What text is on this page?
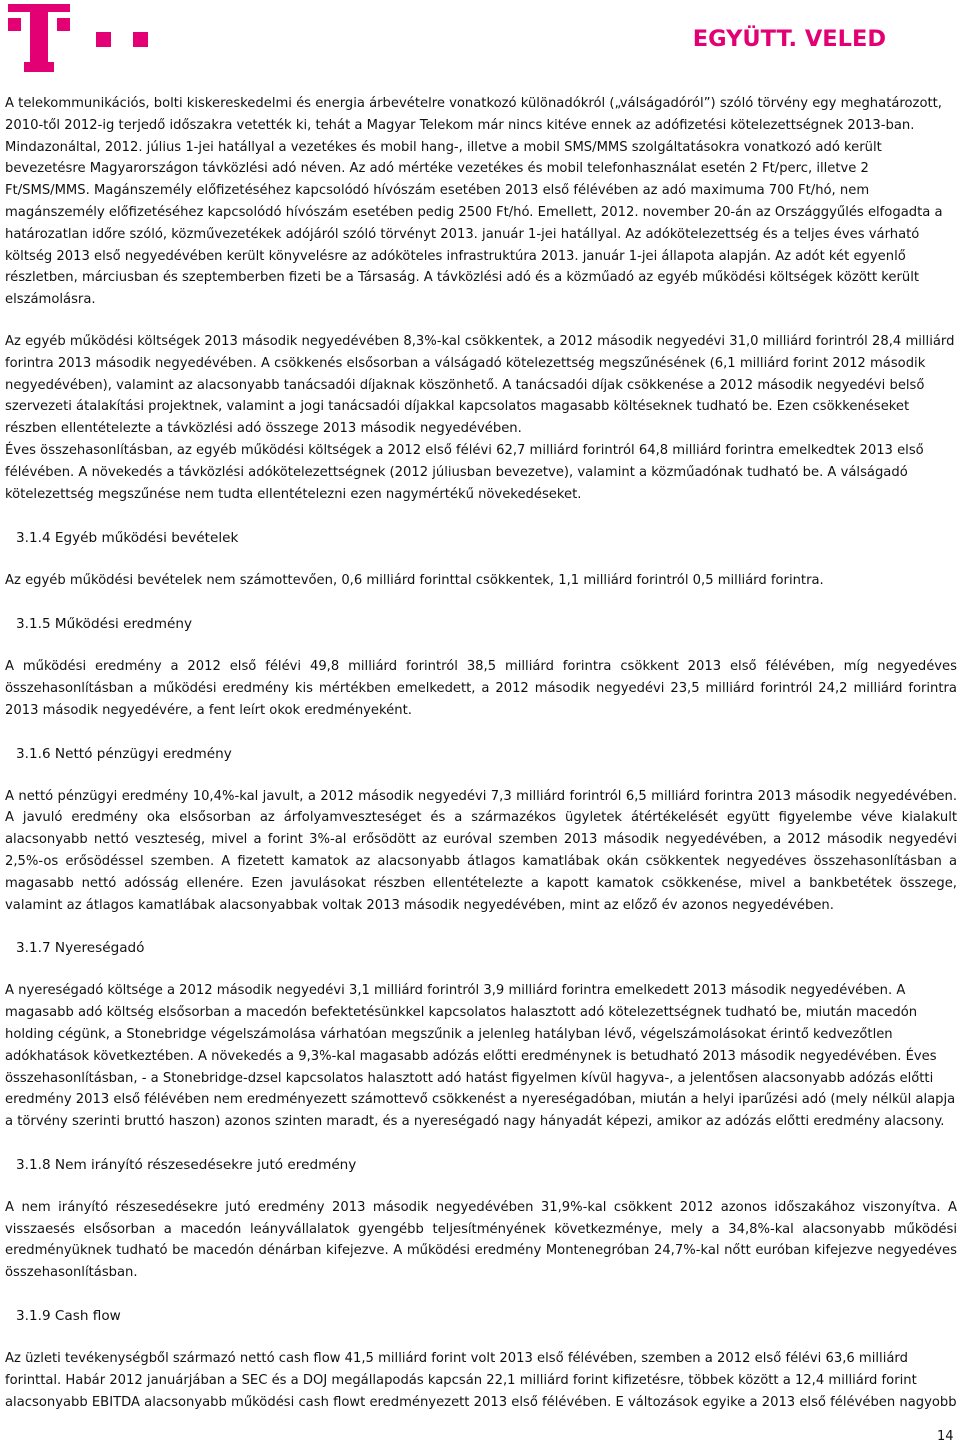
EGYÜTT. VELED

A telekommunikációs, bolti kiskereskedelmi és energia árbevételre vonatkozó különadókról („válságadóról”) szóló törvény egy meghatározott, 2010-től 2012-ig terjedő időszakra vetették ki, tehát a Magyar Telekom már nincs kitéve ennek az adófizetési kötelezettségnek 2013-ban. Mindazonáltal, 2012. július 1-jei hatállyal a vezetékes és mobil hang-, illetve a mobil SMS/MMS szolgáltatásokra vonatkozó adó került bevezetésre Magyarországon távközlési adó néven. Az adó mértéke vezetékes és mobil telefonhasználat esetén 2 Ft/perc, illetve 2 Ft/SMS/MMS. Magánszemély előfizetéséhez kapcsolódó hívószám esetében 2013 első félévében az adó maximuma 700 Ft/hó, nem magánszemély előfizetéséhez kapcsolódó hívószám esetében pedig 2500 Ft/hó. Emellett, 2012. november 20-án az Országgyűlés elfogadta a határozatlan időre szóló, közművezetékek adójáról szóló törvényt 2013. január 1-jei hatállyal. Az adókötelezettség és a teljes éves várható költség 2013 első negyedévében került könyvelésre az adóköteles infrastruktúra 2013. január 1-jei állapota alapján. Az adót két egyenlő részletben, márciusban és szeptemberben fizeti be a Társaság. A távközlési adó és a közműadó az egyéb működési költségek között került elszámolásra.

Az egyéb működési költségek 2013 második negyedévében 8,3%-kal csökkentek, a 2012 második negyedévi 31,0 milliárd forintról 28,4 milliárd forintra 2013 második negyedévében. A csökkenés elsősorban a válságadó kötelezettség megszűnésének (6,1 milliárd forint 2012 második negyedévében), valamint az alacsonyabb tanácsadói díjaknak köszönhető. A tanácsadói díjak csökkenése a 2012 második negyedévi belső szervezeti átalakítási projektnek, valamint a jogi tanácsadói díjakkal kapcsolatos magasabb költéseknek tudható be. Ezen csökkenéseket részben ellentételezte a távközlési adó összege 2013 második negyedévében.

Éves összehasonlításban, az egyéb működési költségek a 2012 első félévi 62,7 milliárd forintról 64,8 milliárd forintra emelkedtek 2013 első félévében. A növekedés a távközlési adókötelezettségnek (2012 júliusban bevezetve), valamint a közműadónak tudható be. A válságadó kötelezettség megszűnése nem tudta ellentételezni ezen nagymértékű növekedéseket.

3.1.4 Egyéb működési bevételek

Az egyéb működési bevételek nem számottevően, 0,6 milliárd forinttal csökkentek, 1,1 milliárd forintról 0,5 milliárd forintra.

3.1.5 Működési eredmény

A működési eredmény a 2012 első félévi 49,8 milliárd forintról 38,5 milliárd forintra csökkent 2013 első félévében, míg negyedéves összehasonlításban a működési eredmény kis mértékben emelkedett, a 2012 második negyedévi 23,5 milliárd forintról 24,2 milliárd forintra 2013 második negyedévére, a fent leírt okok eredményeként.

3.1.6 Nettó pénzügyi eredmény

A nettó pénzügyi eredmény 10,4%-kal javult, a 2012 második negyedévi 7,3 milliárd forintról 6,5 milliárd forintra 2013 második negyedévében. A javuló eredmény oka elsősorban az árfolyamveszteséget és a származékos ügyletek átértékelését együtt figyelembe véve kialakult alacsonyabb nettó veszteség, mivel a forint 3%-al erősödött az euróval szemben 2013 második negyedévében, a 2012 második negyedévi 2,5%-os erősödéssel szemben. A fizetett kamatok az alacsonyabb átlagos kamatlábak okán csökkentek negyedéves összehasonlításban a magasabb nettó adósság ellenére. Ezen javulásokat részben ellentételezte a kapott kamatok csökkenése, mivel a bankbetétek összege, valamint az átlagos kamatlábak alacsonyabbak voltak 2013 második negyedévében, mint az előző év azonos negyedévében.

3.1.7 Nyereségadó

A nyereségadó költsége a 2012 második negyedévi 3,1 milliárd forintról 3,9 milliárd forintra emelkedett 2013 második negyedévében. A magasabb adó költség elsősorban a macedón befektetésünkkel kapcsolatos halasztott adó kötelezettségnek tudható be, miután macedón holding cégünk, a Stonebridge végelszámolása várhatóan megszűnik a jelenleg hatályban lévő, végelszámolásokat érintő kedvezőtlen adókhatások következtében. A növekedés a 9,3%-kal magasabb adózás előtti eredménynek is betudható 2013 második negyedévében. Éves összehasonlításban, - a Stonebridge-dzsel kapcsolatos halasztott adó hatást figyelmen kívül hagyva-, a jelentősen alacsonyabb adózás előtti eredmény 2013 első félévében nem eredményezett számottevő csökkenést a nyereségadóban, miután a helyi iparűzési adó (mely nélkül alapja a törvény szerinti bruttó haszon) azonos szinten maradt, és a nyereségadó nagy hányadát képezi, amikor az adózás előtti eredmény alacsony.

3.1.8 Nem irányító részesedésekre jutó eredmény

A nem irányító részesedésekre jutó eredmény 2013 második negyedévében 31,9%-kal csökkent 2012 azonos időszakához viszonyítva. A visszaesés elsősorban a macedón leányvállalatok gyengébb teljesítményének következménye, mely a 34,8%-kal alacsonyabb működési eredményüknek tudható be macedón dénárban kifejezve. A működési eredmény Montenegróban 24,7%-kal nőtt euróban kifejezve negyedéves összehasonlításban.

3.1.9 Cash flow

Az üzleti tevékenységből származó nettó cash flow 41,5 milliárd forint volt 2013 első félévében, szemben a 2012 első félévi 63,6 milliárd forinttal. Habár 2012 januárjában a SEC és a DOJ megállapodás kapcsán 22,1 milliárd forint kifizetésre, többek között a 12,4 milliárd forint alacsonyabb EBITDA alacsonyabb működési cash flowt eredményezett 2013 első félévében. E változások egyike a 2013 első félévében nagyobb

14
